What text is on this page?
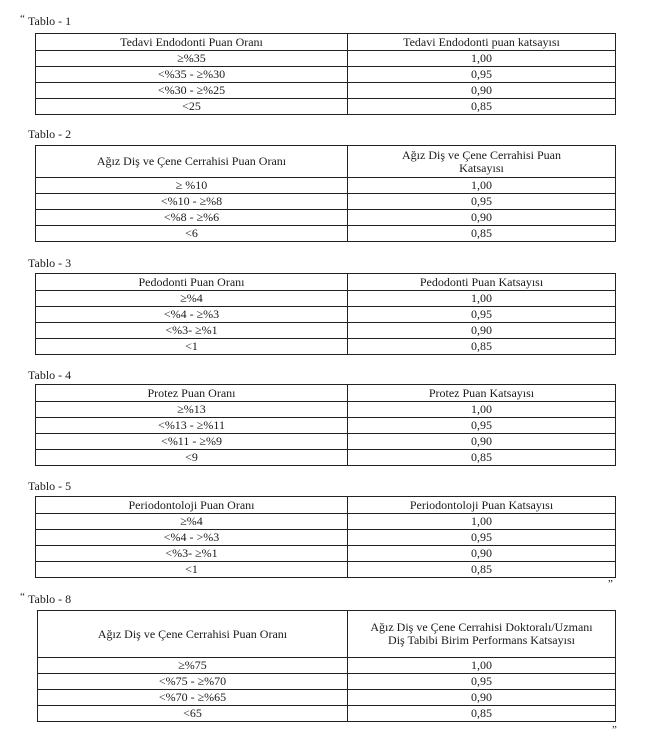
“ Tablo - 1
Tedavi Endodonti Puan Oranı	Tedavi Endodonti puan katsayısı
≥%35	1,00
<%35 - ≥%30	0,95
<%30 - ≥%25	0,90
<25	0,85
Tablo - 2
Ağız Diş ve Çene Cerrahisi Puan Oranı	Ağız Diş ve Çene Cerrahisi Puan Katsayısı
≥ %10	1,00
<%10 - ≥%8	0,95
<%8 - ≥%6	0,90
<6	0,85
Tablo - 3
Pedodonti Puan Oranı	Pedodonti Puan Katsayısı
≥%4	1,00
<%4 - ≥%3	0,95
<%3- ≥%1	0,90
<1	0,85
Tablo - 4
Protez Puan Oranı	Protez Puan Katsayısı
≥%13	1,00
<%13 - ≥%11	0,95
<%11 - ≥%9	0,90
<9	0,85
Tablo - 5
Periodontoloji Puan Oranı	Periodontoloji Puan Katsayısı
≥%4	1,00
<%4 - >%3	0,95
<%3- ≥%1	0,90
<1	0,85
”
“ Tablo - 8
Ağız Diş ve Çene Cerrahisi Puan Oranı	Ağız Diş ve Çene Cerrahisi Doktoralı/Uzmanı Diş Tabibi Birim Performans Katsayısı
≥%75	1,00
<%75 - ≥%70	0,95
<%70 - ≥%65	0,90
<65	0,85
”
